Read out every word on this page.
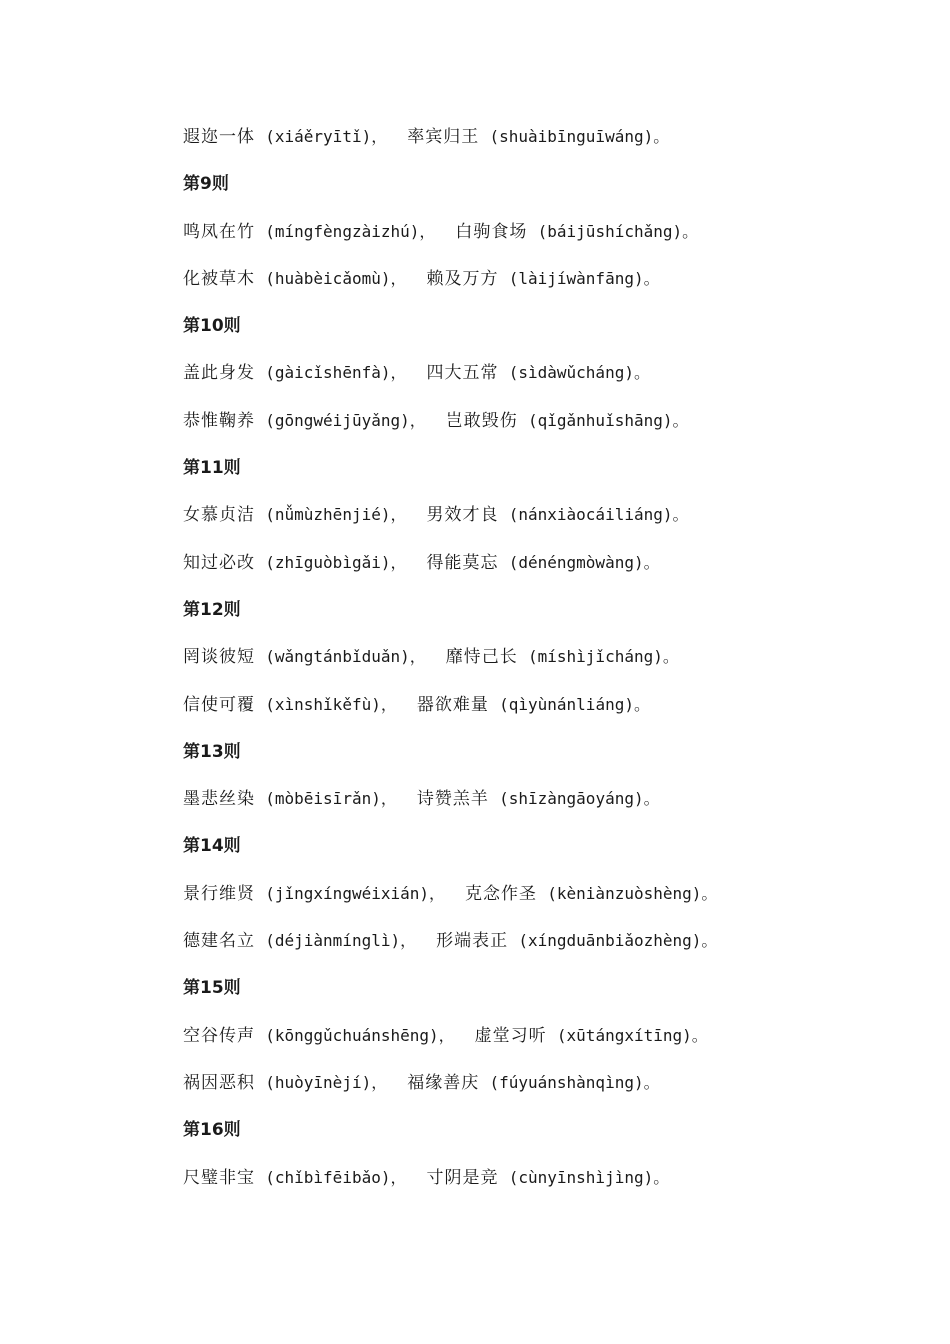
遐迩一体 (xiáěryītǐ)， 率宾归王 (shuàibīnguīwáng)。
第9则
鸣凤在竹 (míngfèngzàizhú)， 白驹食场 (báijūshíchǎng)。
化被草木 (huàbèicǎomù)， 赖及万方 (làijíwànfāng)。
第10则
盖此身发 (gàicǐshēnfà)， 四大五常 (sìdàwǔcháng)。
恭惟鞠养 (gōngwéijūyǎng)， 岂敢毁伤 (qǐgǎnhuǐshāng)。
第11则
女慕贞洁 (nǚmùzhēnjié)， 男效才良 (nánxiàocáiliáng)。
知过必改 (zhīguòbìgǎi)， 得能莫忘 (dénéngmòwàng)。
第12则
罔谈彼短 (wǎngtánbǐduǎn)， 靡恃己长 (míshìjǐcháng)。
信使可覆 (xìnshǐkěfù)， 器欲难量 (qìyùnánliáng)。
第13则
墨悲丝染 (mòbēisīrǎn)， 诗赞羔羊 (shīzàngāoyáng)。
第14则
景行维贤 (jǐngxíngwéixián)， 克念作圣 (kèniànzuòshèng)。
德建名立 (déjiànmínglì)， 形端表正 (xíngduānbiǎozhèng)。
第15则
空谷传声 (kōnggǔchuánshēng)， 虚堂习听 (xūtángxítīng)。
祸因恶积 (huòyīnèjí)， 福缘善庆 (fúyuánshànqìng)。
第16则
尺璧非宝 (chǐbìfēibǎo)， 寸阴是竞 (cùnyīnshìjìng)。
